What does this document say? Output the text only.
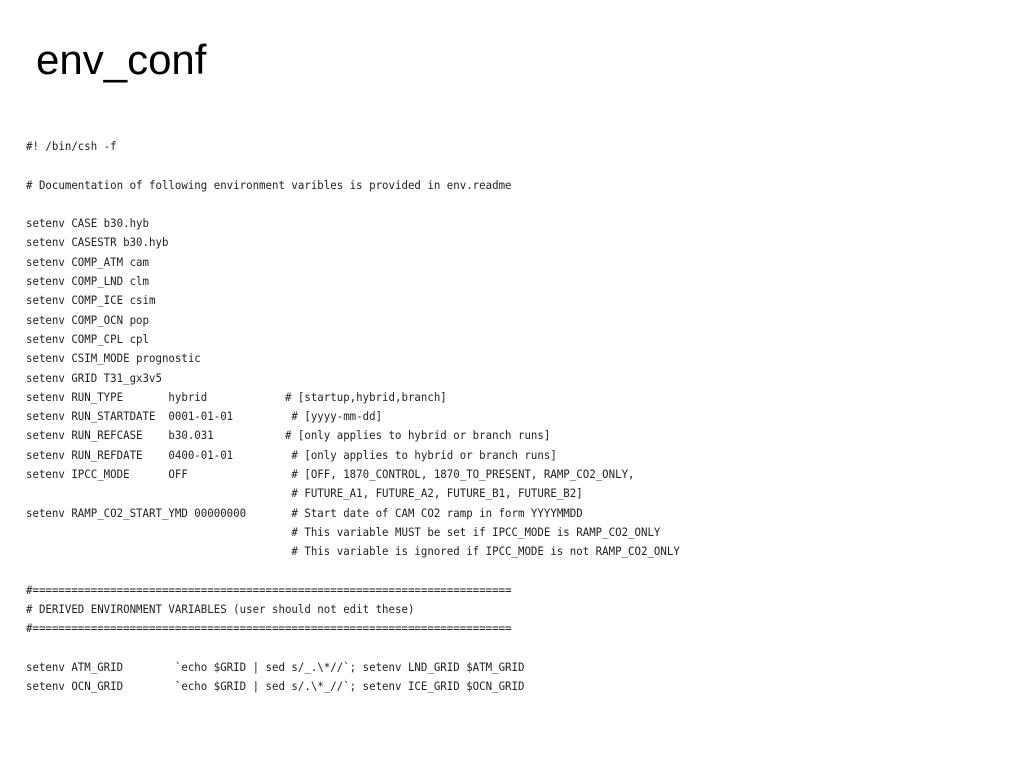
env_conf
#! /bin/csh -f
# Documentation of following environment varibles is provided in env.readme
setenv CASE b30.hyb
setenv CASESTR b30.hyb
setenv COMP_ATM cam
setenv COMP_LND clm
setenv COMP_ICE csim
setenv COMP_OCN pop
setenv COMP_CPL cpl
setenv CSIM_MODE prognostic
setenv GRID T31_gx3v5
setenv RUN_TYPE       hybrid            # [startup,hybrid,branch]
setenv RUN_STARTDATE  0001-01-01         # [yyyy-mm-dd]
setenv RUN_REFCASE    b30.031           # [only applies to hybrid or branch runs]
setenv RUN_REFDATE    0400-01-01         # [only applies to hybrid or branch runs]
setenv IPCC_MODE      OFF                # [OFF, 1870_CONTROL, 1870_TO_PRESENT, RAMP_CO2_ONLY,
# FUTURE_A1, FUTURE_A2, FUTURE_B1, FUTURE_B2]
setenv RAMP_CO2_START_YMD 00000000       # Start date of CAM CO2 ramp in form YYYYMMDD
# This variable MUST be set if IPCC_MODE is RAMP_CO2_ONLY
# This variable is ignored if IPCC_MODE is not RAMP_CO2_ONLY
#==========================================================================
# DERIVED ENVIRONMENT VARIABLES (user should not edit these)
#==========================================================================
setenv ATM_GRID        `echo $GRID | sed s/_.\*//`; setenv LND_GRID $ATM_GRID
setenv OCN_GRID        `echo $GRID | sed s/.\*_//`; setenv ICE_GRID $OCN_GRID
